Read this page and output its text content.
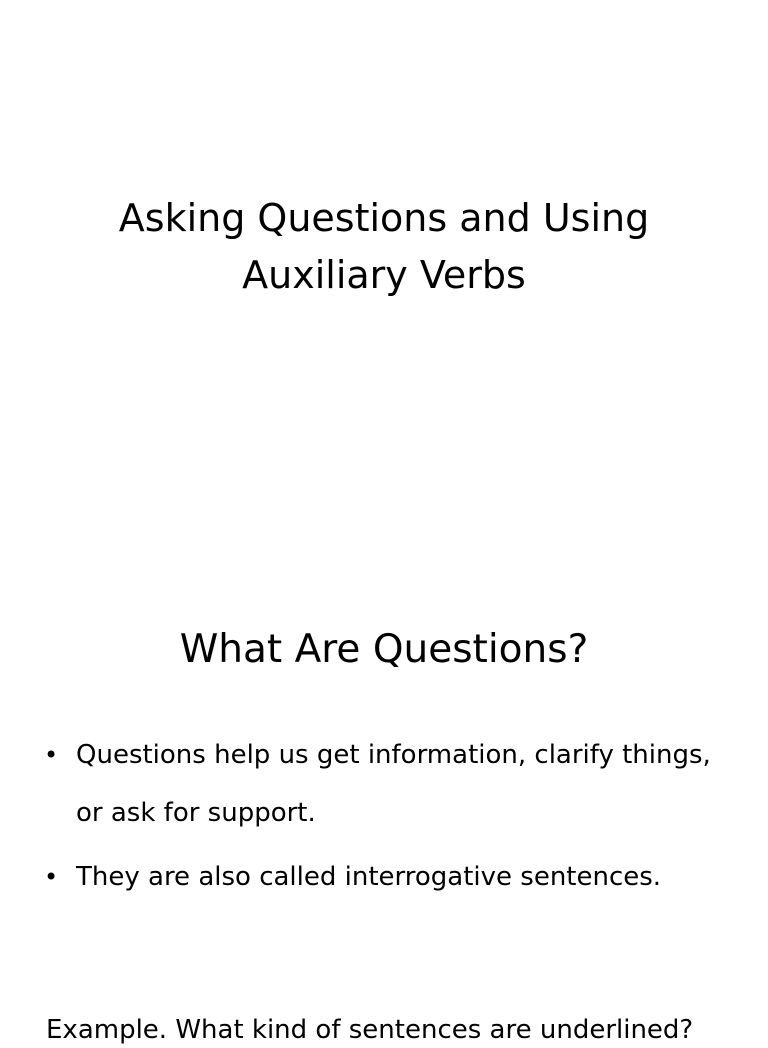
Asking Questions and Using
Auxiliary Verbs
What Are Questions?
• Questions help us get information, clarify things,
or ask for support.
• They are also called interrogative sentences.

Example. What kind of sentences are underlined?
